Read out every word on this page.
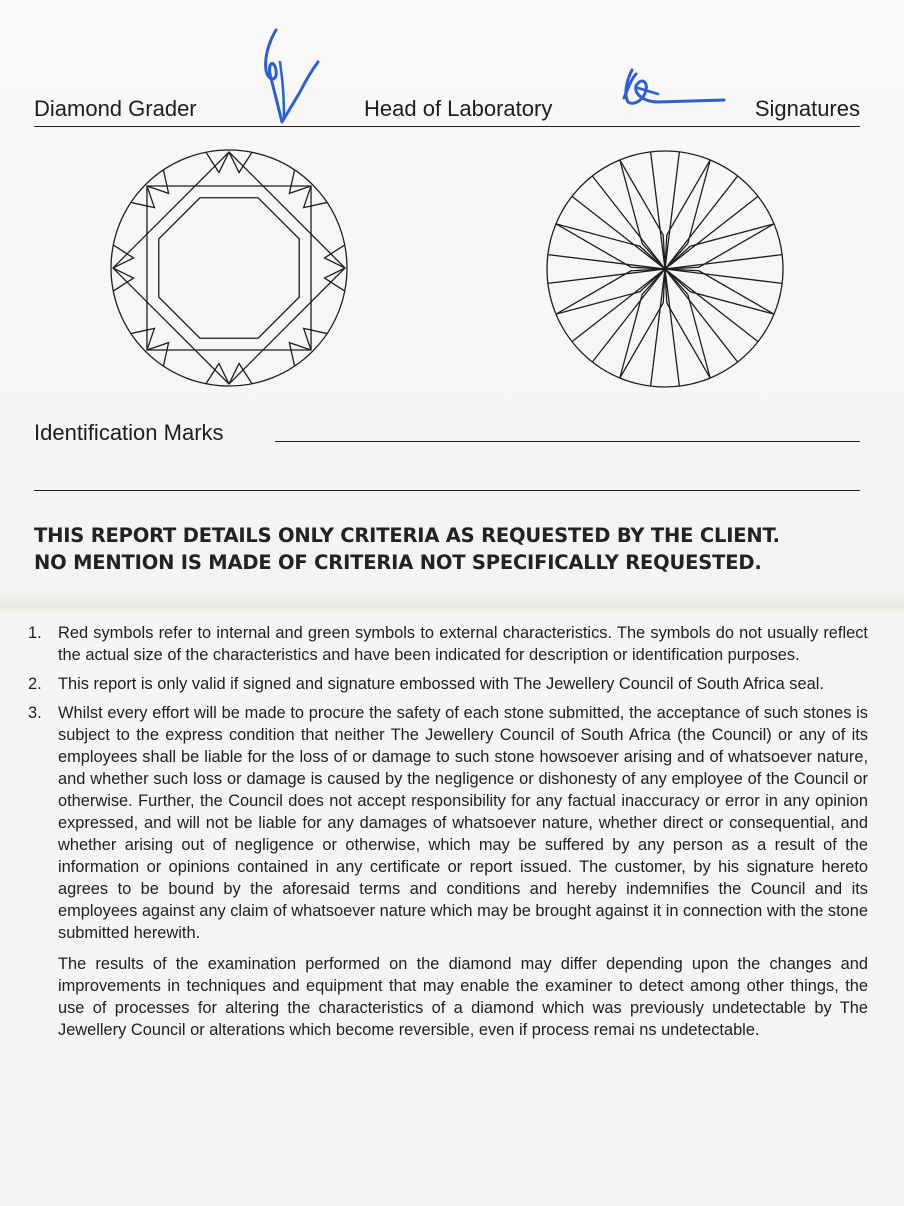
Diamond Grader	Head of Laboratory	Signatures
Identification Marks
THIS REPORT DETAILS ONLY CRITERIA AS REQUESTED BY THE CLIENT.
NO MENTION IS MADE OF CRITERIA NOT SPECIFICALLY REQUESTED.
1. Red symbols refer to internal and green symbols to external characteristics. The symbols do not usually reflect the actual size of the characteristics and have been indicated for description or identification purposes.
2. This report is only valid if signed and signature embossed with The Jewellery Council of South Africa seal.
3. Whilst every effort will be made to procure the safety of each stone submitted, the acceptance of such stones is subject to the express condition that neither The Jewellery Council of South Africa (the Council) or any of its employees shall be liable for the loss of or damage to such stone howsoever arising and of whatsoever nature, and whether such loss or damage is caused by the negligence or dishonesty of any employee of the Council or otherwise. Further, the Council does not accept responsibility for any factual inaccuracy or error in any opinion expressed, and will not be liable for any damages of whatsoever nature, whether direct or consequential, and whether arising out of negligence or otherwise, which may be suffered by any person as a result of the information or opinions contained in any certificate or report issued. The customer, by his signature hereto agrees to be bound by the aforesaid terms and conditions and hereby indemnifies the Council and its employees against any claim of whatsoever nature which may be brought against it in connection with the stone submitted herewith.
The results of the examination performed on the diamond may differ depending upon the changes and improvements in techniques and equipment that may enable the examiner to detect among other things, the use of processes for altering the characteristics of a diamond which was previously undetectable by The Jewellery Council or alterations which become reversible, even if process remai ns undetectable.
